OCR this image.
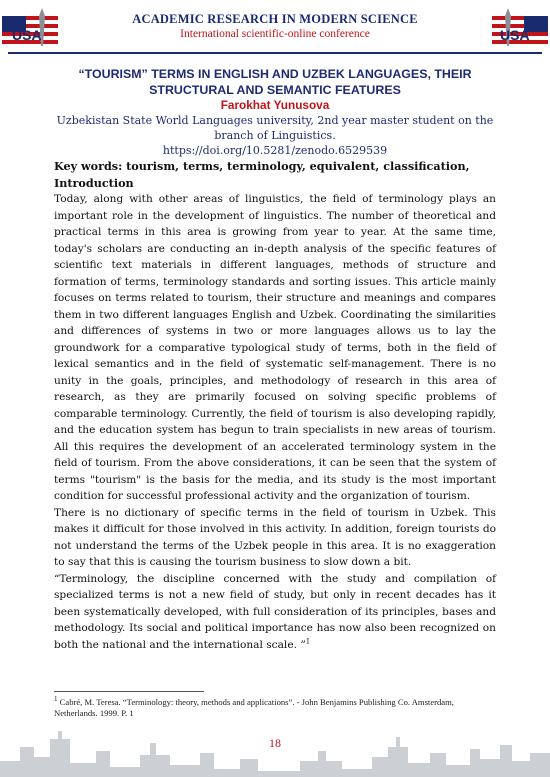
USA
ACADEMIC RESEARCH IN MODERN SCIENCE
International scientific-online conference	USA

“TOURISM” TERMS IN ENGLISH AND UZBEK LANGUAGES, THEIR STRUCTURAL AND SEMANTIC FEATURES

Farokhat Yunusova

Uzbekistan State World Languages university, 2nd year master student on the branch of Linguistics.

https://doi.org/10.5281/zenodo.6529539

Key words: tourism, terms, terminology, equivalent, classification,

Introduction

Today, along with other areas of linguistics, the field of terminology plays an important role in the development of linguistics. The number of theoretical and practical terms in this area is growing from year to year. At the same time, today's scholars are conducting an in-depth analysis of the specific features of scientific text materials in different languages, methods of structure and formation of terms, terminology standards and sorting issues. This article mainly focuses on terms related to tourism, their structure and meanings and compares them in two different languages English and Uzbek. Coordinating the similarities and differences of systems in two or more languages allows us to lay the groundwork for a comparative typological study of terms, both in the field of lexical semantics and in the field of systematic self-management. There is no unity in the goals, principles, and methodology of research in this area of research, as they are primarily focused on solving specific problems of comparable terminology. Currently, the field of tourism is also developing rapidly, and the education system has begun to train specialists in new areas of tourism. All this requires the development of an accelerated terminology system in the field of tourism. From the above considerations, it can be seen that the system of terms "tourism" is the basis for the media, and its study is the most important condition for successful professional activity and the organization of tourism.

There is no dictionary of specific terms in the field of tourism in Uzbek. This makes it difficult for those involved in this activity. In addition, foreign tourists do not understand the terms of the Uzbek people in this area. It is no exaggeration to say that this is causing the tourism business to slow down a bit.

“Terminology, the discipline concerned with the study and compilation of specialized terms is not a new field of study, but only in recent decades has it been systematically developed, with full consideration of its principles, bases and methodology. Its social and political importance has now also been recognized on both the national and the international scale. ”$^1$

$^1$ Cabré, M. Teresa. “Terminology: theory, methods and applications”. - John Benjamins Publishing Co. Amsterdam, Netherlands. 1999. P. 1
18
